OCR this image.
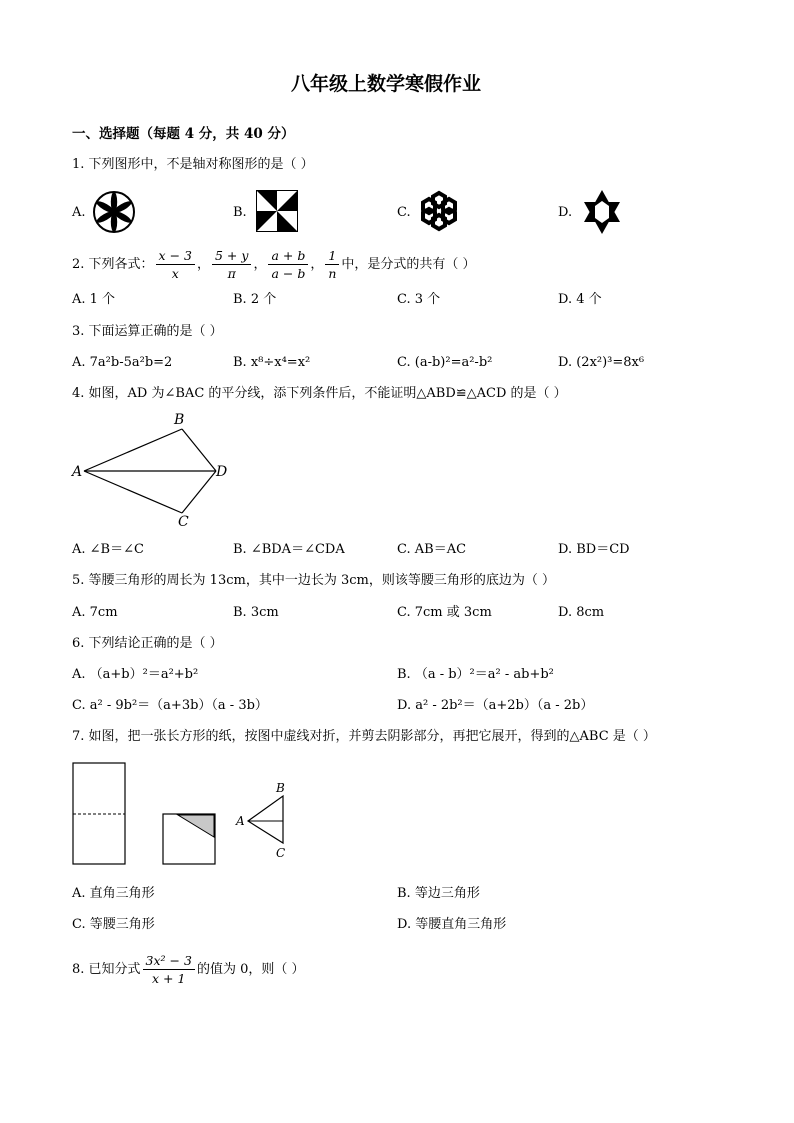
八年级上数学寒假作业
一、选择题（每题 4 分，共 40 分）
1. 下列图形中，不是轴对称图形的是（ ）
A.	B.	C.	D.
2. 下列各式： $\frac{x - 3}{x}$ ， $\frac{5 + y}{\pi}$ ， $\frac{a + b}{a - b}$ ， $\frac{1}{n}$ 中，是分式的共有（ ）
A. 1 个	B. 2 个	C. 3 个	D. 4 个
3. 下面运算正确的是（ ）
A. 7a²b-5a²b=2	B. x⁸÷x⁴=x²	C. (a-b)²=a²-b²	D. (2x²)³=8x⁶
4. 如图，AD 为∠BAC 的平分线，添下列条件后，不能证明△ABD≌△ACD 的是（ ）
A
B
D
C
A. ∠B＝∠C	B. ∠BDA＝∠CDA	C. AB＝AC	D. BD＝CD
5. 等腰三角形的周长为 13cm，其中一边长为 3cm，则该等腰三角形的底边为（ ）
A. 7cm	B. 3cm	C. 7cm 或 3cm	D. 8cm
6. 下列结论正确的是（ ）
A. （a+b）²＝a²+b²	B. （a - b）²＝a² - ab+b²
C. a² - 9b²＝（a+3b）（a - 3b）	D. a² - 2b²＝（a+2b）（a - 2b）
7. 如图，把一张长方形的纸，按图中虚线对折，并剪去阴影部分，再把它展开，得到的△ABC 是（ ）
B
A
C
A. 直角三角形	B. 等边三角形
C. 等腰三角形	D. 等腰直角三角形
8. 已知分式 $\frac{\text{3x² − 3}}{x + 1}$ 的值为 0，则（ ）
